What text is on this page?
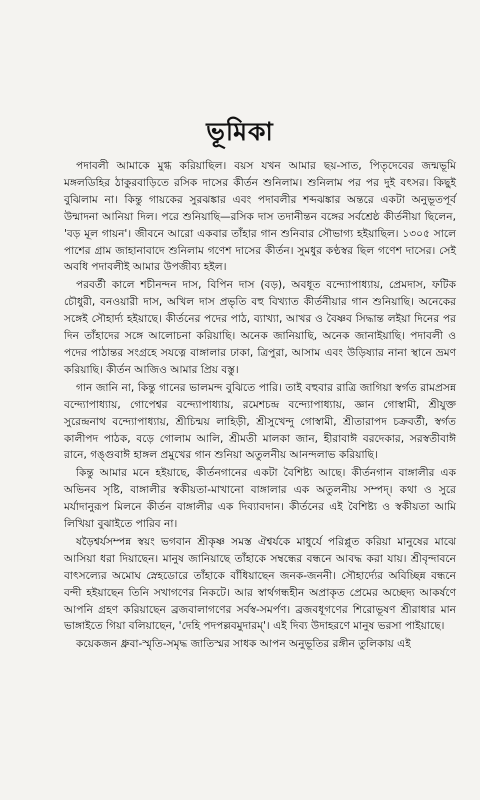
ভূমিকা

পদাবলী আমাকে মুগ্ধ করিয়াছিল। বয়স যখন আমার ছয়-সাত, পিতৃদেবের জন্মভূমি মঙ্গলডিহির ঠাকুরবাড়িতে রসিক দাসের কীর্তন শুনিলাম। শুনিলাম পর পর দুই বৎসর। কিছুই বুঝিলাম না। কিন্তু গায়কের সুরঝঙ্কার এবং পদাবলীর শব্দঝঙ্কার অন্তরে একটা অনুভূতপূর্ব উন্মাদনা আনিয়া দিল। পরে শুনিয়াছি—রসিক দাস তদানীন্তন বঙ্গের সর্বশ্রেষ্ঠ কীর্তনীয়া ছিলেন, 'বড় মূল গায়ন'। জীবনে আরো একবার তাঁহার গান শুনিবার সৌভাগ্য হইয়াছিল। ১৩০৫ সালে পাশের গ্রাম জাহানাবাদে শুনিলাম গণেশ দাসের কীর্তন। সুমধুর কণ্ঠস্বর ছিল গণেশ দাসের। সেই অবধি পদাবলীই আমার উপজীব্য হইল।

পরবর্তী কালে শচীনন্দন দাস, বিপিন দাস (বড়), অবধূত বন্দ্যোপাধ্যায়, প্রেমদাস, ফটিক চৌধুরী, বনওয়ারী দাস, অখিল দাস প্রভৃতি বহু বিখ্যাত কীর্তনীয়ার গান শুনিয়াছি। অনেকের সঙ্গেই সৌহার্দ্য হইয়াছে। কীর্তনের পদের পাঠ, ব্যাখ্যা, আখর ও বৈষ্ণব সিদ্ধান্ত লইয়া দিনের পর দিন তাঁহাদের সঙ্গে আলোচনা করিয়াছি। অনেক জানিয়াছি, অনেক জানাইয়াছি। পদাবলী ও পদের পাঠান্তর সংগ্রহে সযত্নে বাঙ্গালার ঢাকা, ত্রিপুরা, আসাম এবং উড়িষ্যার নানা স্থানে ভ্রমণ করিয়াছি। কীর্তন আজিও আমার প্রিয় বস্তু।

গান জানি না, কিন্তু গানের ভালমন্দ বুঝিতে পারি। তাই বহুবার রাত্রি জাগিয়া স্বর্গত রামপ্রসন্ন বন্দ্যোপাধ্যায়, গোপেশ্বর বন্দ্যোপাধ্যায়, রমেশচন্দ্র বন্দ্যোপাধ্যায়, জ্ঞান গোস্বামী, শ্রীযুক্ত সুরেন্দ্রনাথ বন্দ্যোপাধ্যায়, শ্রীচিন্ময় লাহিড়ী, শ্রীসুখেন্দু গোস্বামী, শ্রীতারাপদ চক্রবর্তী, স্বর্গত কালীপদ পাঠক, বড়ে গোলাম আলি, শ্রীমতী মালকা জান, হীরাবাঈ বরদেকার, সরস্বতীবাঈ রানে, গঙ্গুবাঈ হাঙ্গল প্রমুখের গান শুনিয়া অতুলনীয় আনন্দলাভ করিয়াছি।

কিন্তু আমার মনে হইয়াছে, কীর্তনগানের একটা বৈশিষ্ট্য আছে। কীর্তনগান বাঙ্গালীর এক অভিনব সৃষ্টি, বাঙ্গালীর স্বকীয়তা-মাখানো বাঙ্গালার এক অতুলনীয় সম্পদ্। কথা ও সুরে মর্যাদানুরূপ মিলনে কীর্তন বাঙ্গালীর এক দিব্যাবদান। কীর্তনের এই বৈশিষ্ট্য ও স্বকীয়তা আমি লিখিয়া বুঝাইতে পারিব না।

ষড়ৈশ্বর্যসম্পন্ন স্বয়ং ভগবান শ্রীকৃষ্ণ সমস্ত ঐশ্বর্যকে মাধুর্যে পরিপ্লুত করিয়া মানুষের মাঝে আসিয়া ধরা দিয়াছেন। মানুষ জানিয়াছে তাঁহাকে সম্বন্ধের বন্ধনে আবদ্ধ করা যায়। শ্রীবৃন্দাবনে বাৎসল্যের অমোঘ স্নেহডোরে তাঁহাকে বাঁধিয়াছেন জনক-জননী। সৌহার্দ্যের অবিচ্ছিন্ন বন্ধনে বন্দী হইয়াছেন তিনি সখাগণের নিকটে। আর স্বার্থগন্ধহীন অপ্রাকৃত প্রেমের অচ্ছেদ্য আকর্ষণে আপনি গ্রহণ করিয়াছেন ব্রজবালাগণের সর্বস্ব-সমর্পণ। ব্রজবধূগণের শিরোভূষণ শ্রীরাধার মান ভাঙ্গাইতে গিয়া বলিয়াছেন, 'দেহি পদপল্লবমুদারম্'। এই দিব্য উদাহরণে মানুষ ভরসা পাইয়াছে।

কয়েকজন ধ্রুবা-স্মৃতি-সমৃদ্ধ জাতিস্মর সাধক আপন অনুভূতির রঙ্গীন তুলিকায় এই
